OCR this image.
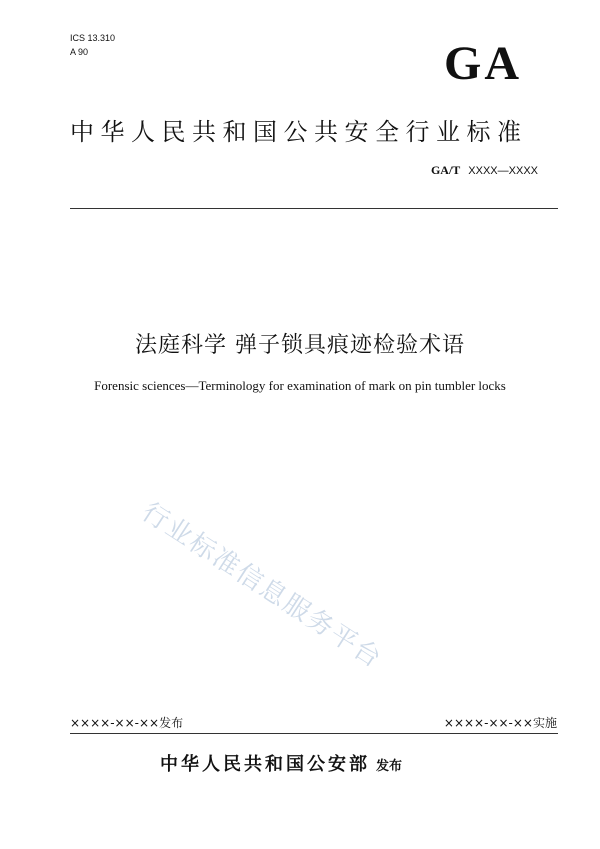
ICS 13.310
A 90	GA
中华人民共和国公共安全行业标准
GA/T XXXX—XXXX
法庭科学 弹子锁具痕迹检验术语
Forensic sciences—Terminology for examination of mark on pin tumbler locks
行业标准信息服务平台
××××-××-××发布	××××-××-××实施
中华人民共和国公安部 发布
